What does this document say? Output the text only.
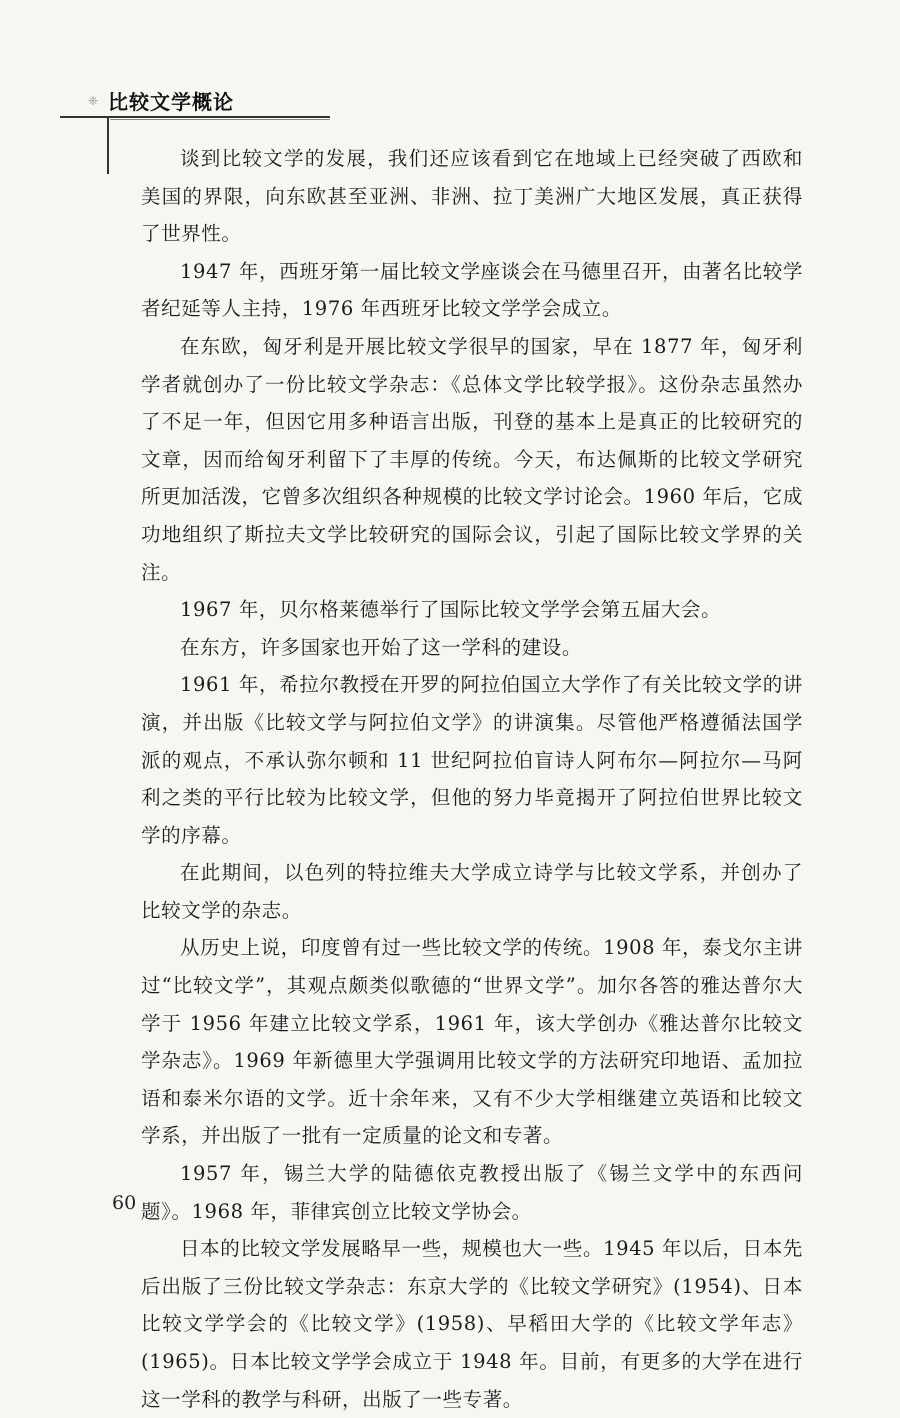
❈ 比较文学概论

谈到比较文学的发展，我们还应该看到它在地域上已经突破了西欧和美国的界限，向东欧甚至亚洲、非洲、拉丁美洲广大地区发展，真正获得了世界性。

1947 年，西班牙第一届比较文学座谈会在马德里召开，由著名比较学者纪延等人主持，1976 年西班牙比较文学学会成立。

在东欧，匈牙利是开展比较文学很早的国家，早在 1877 年，匈牙利学者就创办了一份比较文学杂志：《总体文学比较学报》。这份杂志虽然办了不足一年，但因它用多种语言出版，刊登的基本上是真正的比较研究的文章，因而给匈牙利留下了丰厚的传统。今天，布达佩斯的比较文学研究所更加活泼，它曾多次组织各种规模的比较文学讨论会。1960 年后，它成功地组织了斯拉夫文学比较研究的国际会议，引起了国际比较文学界的关注。

1967 年，贝尔格莱德举行了国际比较文学学会第五届大会。

在东方，许多国家也开始了这一学科的建设。

1961 年，希拉尔教授在开罗的阿拉伯国立大学作了有关比较文学的讲演，并出版《比较文学与阿拉伯文学》的讲演集。尽管他严格遵循法国学派的观点，不承认弥尔顿和 11 世纪阿拉伯盲诗人阿布尔—阿拉尔—马阿利之类的平行比较为比较文学，但他的努力毕竟揭开了阿拉伯世界比较文学的序幕。

在此期间，以色列的特拉维夫大学成立诗学与比较文学系，并创办了比较文学的杂志。

从历史上说，印度曾有过一些比较文学的传统。1908 年，泰戈尔主讲过“比较文学”，其观点颇类似歌德的“世界文学”。加尔各答的雅达普尔大学于 1956 年建立比较文学系，1961 年，该大学创办《雅达普尔比较文学杂志》。1969 年新德里大学强调用比较文学的方法研究印地语、孟加拉语和泰米尔语的文学。近十余年来，又有不少大学相继建立英语和比较文学系，并出版了一批有一定质量的论文和专著。

1957 年，锡兰大学的陆德依克教授出版了《锡兰文学中的东西问题》。1968 年，菲律宾创立比较文学协会。

日本的比较文学发展略早一些，规模也大一些。1945 年以后，日本先后出版了三份比较文学杂志：东京大学的《比较文学研究》(1954)、日本比较文学学会的《比较文学》(1958)、早稻田大学的《比较文学年志》(1965)。日本比较文学学会成立于 1948 年。目前，有更多的大学在进行这一学科的教学与科研，出版了一些专著。

60
